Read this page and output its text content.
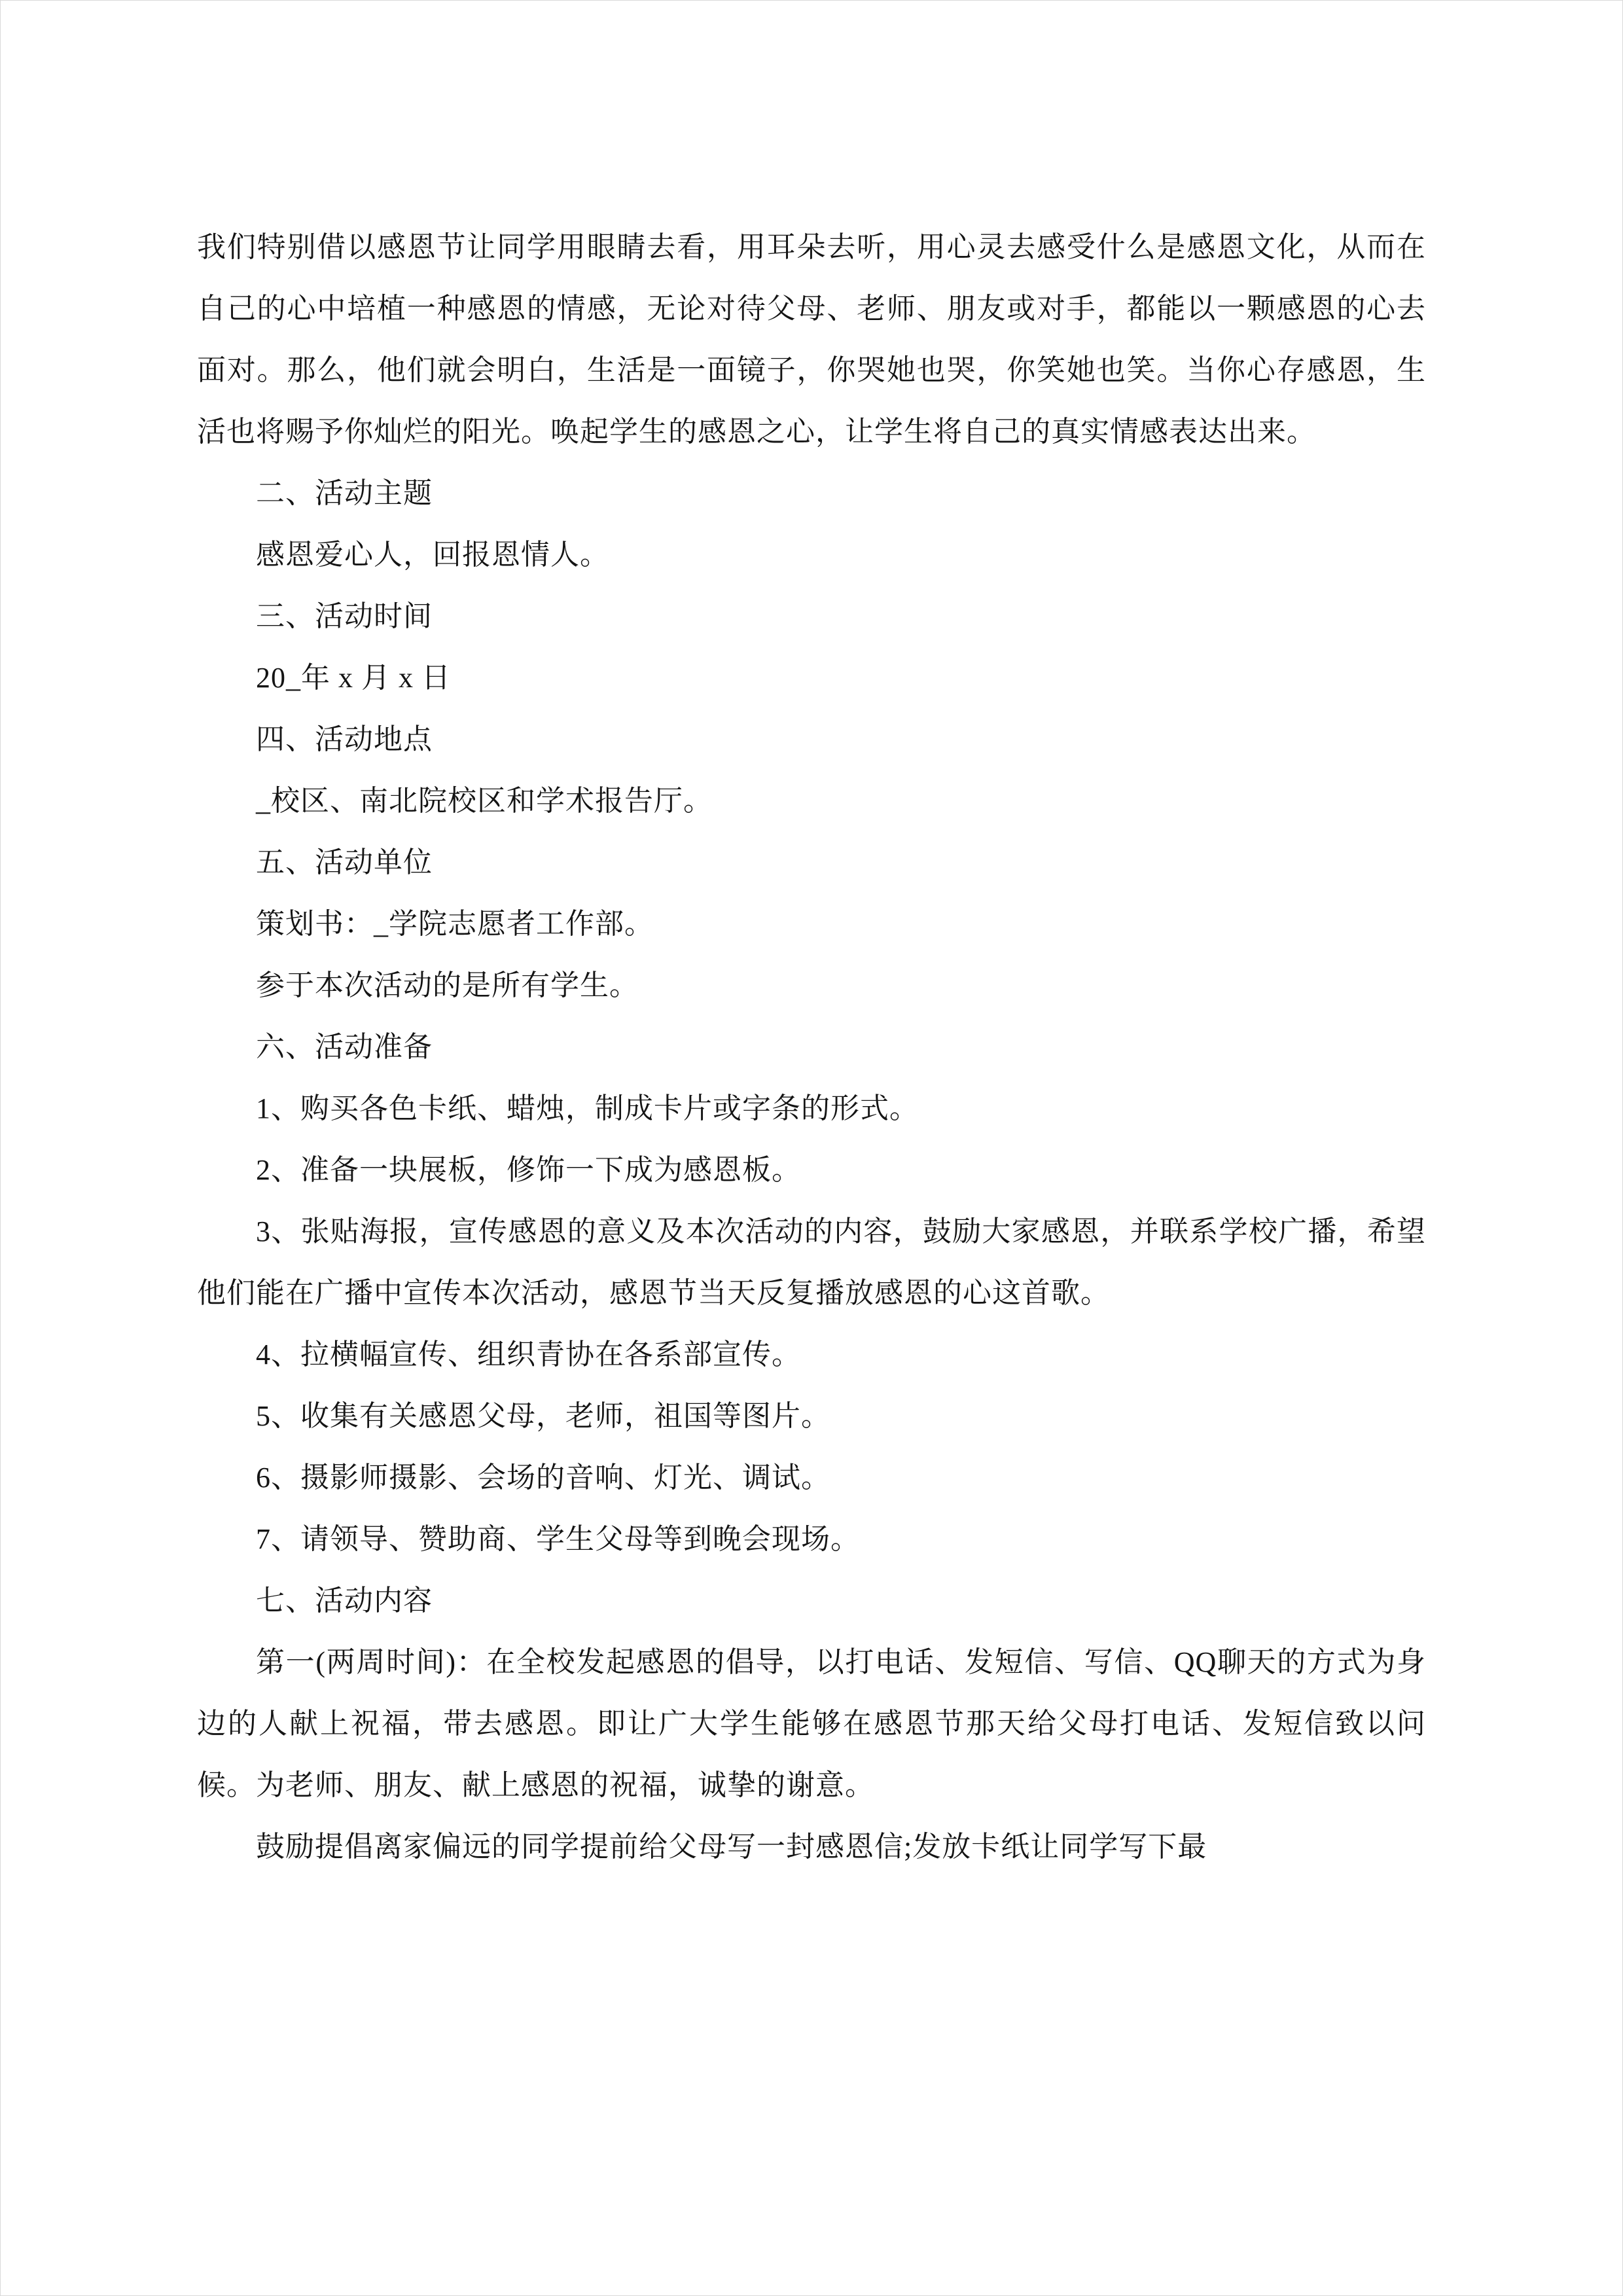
我们特别借以感恩节让同学用眼睛去看，用耳朵去听，用心灵去感受什么是感恩文化，从而在自己的心中培植一种感恩的情感，无论对待父母、老师、朋友或对手，都能以一颗感恩的心去面对。那么，他们就会明白，生活是一面镜子，你哭她也哭，你笑她也笑。当你心存感恩，生活也将赐予你灿烂的阳光。唤起学生的感恩之心，让学生将自己的真实情感表达出来。

二、活动主题

感恩爱心人，回报恩情人。

三、活动时间

20_年 x 月 x 日

四、活动地点

_校区、南北院校区和学术报告厅。

五、活动单位

策划书：_学院志愿者工作部。

参于本次活动的是所有学生。

六、活动准备

1、购买各色卡纸、蜡烛，制成卡片或字条的形式。

2、准备一块展板，修饰一下成为感恩板。

3、张贴海报，宣传感恩的意义及本次活动的内容，鼓励大家感恩，并联系学校广播，希望他们能在广播中宣传本次活动，感恩节当天反复播放感恩的心这首歌。

4、拉横幅宣传、组织青协在各系部宣传。

5、收集有关感恩父母，老师，祖国等图片。

6、摄影师摄影、会场的音响、灯光、调试。

7、请领导、赞助商、学生父母等到晚会现场。

七、活动内容

第一(两周时间)：在全校发起感恩的倡导，以打电话、发短信、写信、QQ聊天的方式为身边的人献上祝福，带去感恩。即让广大学生能够在感恩节那天给父母打电话、发短信致以问候。为老师、朋友、献上感恩的祝福，诚挚的谢意。

鼓励提倡离家偏远的同学提前给父母写一封感恩信;发放卡纸让同学写下最
